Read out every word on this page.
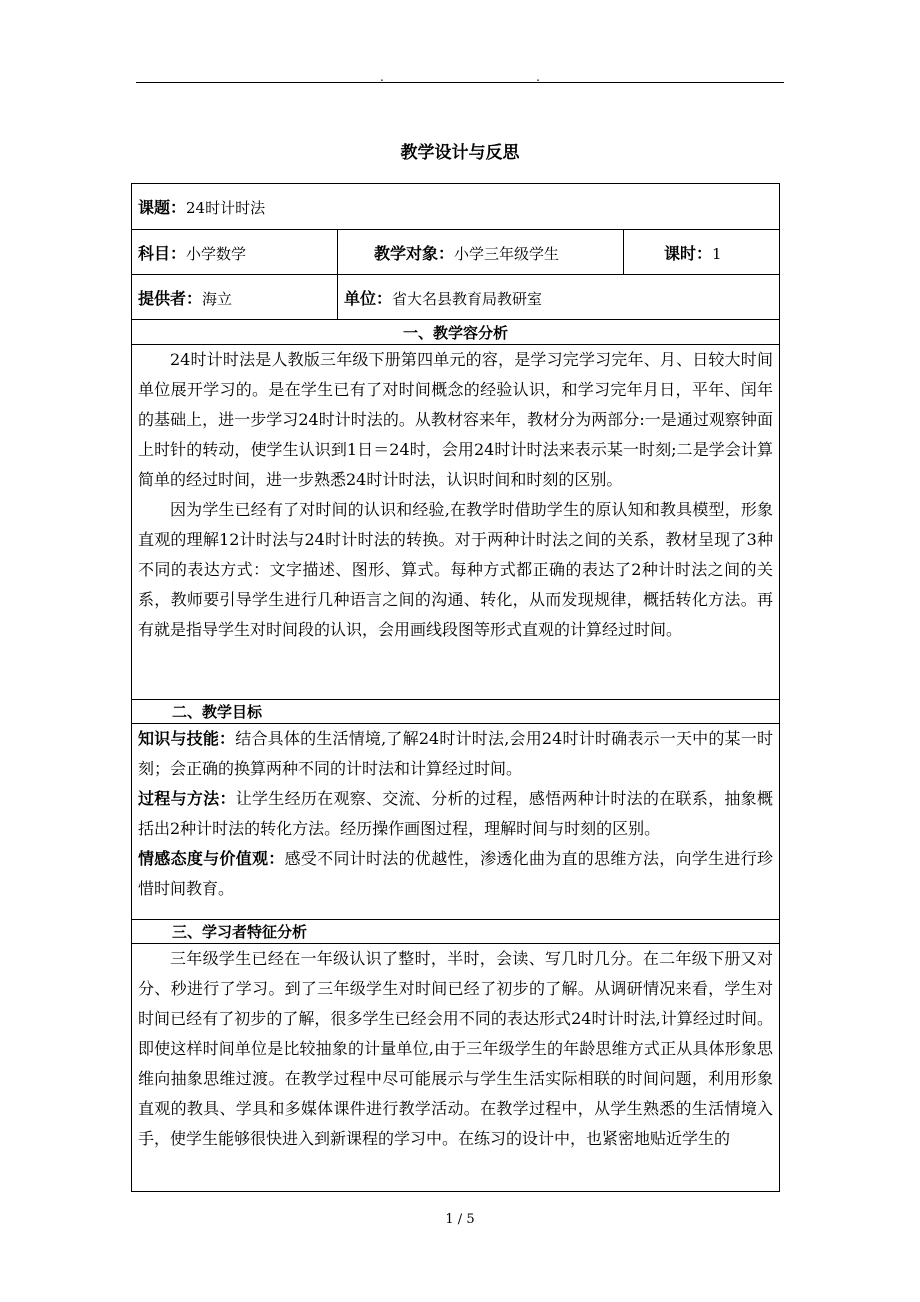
.	.
教学设计与反思
课题：24时计时法		
科目：小学数学	教学对象：小学三年级学生	课时：1
提供者：海立	单位：省大名县教育局教研室	
一、教学容分析		

24时计时法是人教版三年级下册第四单元的容，是学习完学习完年、月、日较大时间单位展开学习的。是在学生已有了对时间概念的经验认识，和学习完年月日，平年、闰年的基础上，进一步学习24时计时法的。从教材容来年，教材分为两部分:一是通过观察钟面上时针的转动，使学生认识到1日＝24时，会用24时计时法来表示某一时刻;二是学会计算简单的经过时间，进一步熟悉24时计时法，认识时间和时刻的区别。

因为学生已经有了对时间的认识和经验,在教学时借助学生的原认知和教具模型，形象直观的理解12计时法与24时计时法的转换。对于两种计时法之间的关系，教材呈现了3种不同的表达方式：文字描述、图形、算式。每种方式都正确的表达了2种计时法之间的关系，教师要引导学生进行几种语言之间的沟通、转化，从而发现规律，概括转化方法。再有就是指导学生对时间段的认识，会用画线段图等形式直观的计算经过时间。		

二、教学目标		

知识与技能：结合具体的生活情境,了解24时计时法,会用24时计时确表示一天中的某一时刻；会正确的换算两种不同的计时法和计算经过时间。

过程与方法：让学生经历在观察、交流、分析的过程，感悟两种计时法的在联系，抽象概括出2种计时法的转化方法。经历操作画图过程，理解时间与时刻的区别。

情感态度与价值观：感受不同计时法的优越性，渗透化曲为直的思维方法，向学生进行珍惜时间教育。		

三、学习者特征分析		

三年级学生已经在一年级认识了整时，半时，会读、写几时几分。在二年级下册又对分、秒进行了学习。到了三年级学生对时间已经了初步的了解。从调研情况来看，学生对时间已经有了初步的了解，很多学生已经会用不同的表达形式24时计时法,计算经过时间。即使这样时间单位是比较抽象的计量单位,由于三年级学生的年龄思维方式正从具体形象思维向抽象思维过渡。在教学过程中尽可能展示与学生生活实际相联的时间问题，利用形象直观的教具、学具和多媒体课件进行教学活动。在教学过程中，从学生熟悉的生活情境入手，使学生能够很快进入到新课程的学习中。在练习的设计中，也紧密地贴近学生的		

1 / 5
